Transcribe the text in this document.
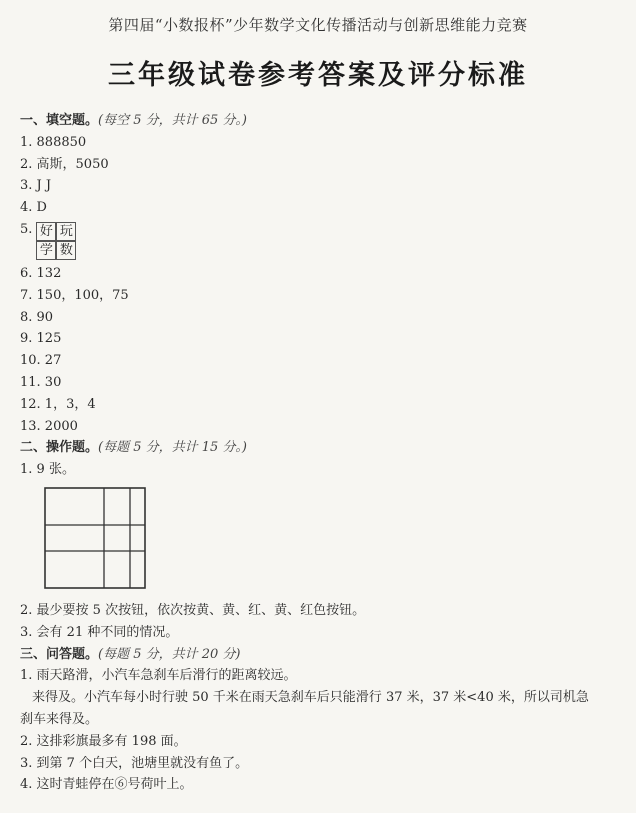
第四届“小数报杯”少年数学文化传播活动与创新思维能力竞赛
三年级试卷参考答案及评分标准
一、填空题。(每空 5 分，共计 65 分。)
1. 888850
2. 高斯，5050
3. J J
4. D
5. 好 玩
学 数
6. 132
7. 150，100，75
8. 90
9. 125
10. 27
11. 30
12. 1，3，4
13. 2000
二、操作题。(每题 5 分，共计 15 分。)
1. 9 张。
2. 最少要按 5 次按钮，依次按黄、黄、红、黄、红色按钮。
3. 会有 21 种不同的情况。
三、问答题。(每题 5 分，共计 20 分)
1. 雨天路滑，小汽车急刹车后滑行的距离较远。
来得及。小汽车每小时行驶 50 千米在雨天急刹车后只能滑行 37 米，37 米<40 米，所以司机急
刹车来得及。
2. 这排彩旗最多有 198 面。
3. 到第 7 个白天，池塘里就没有鱼了。
4. 这时青蛙停在⑥号荷叶上。
